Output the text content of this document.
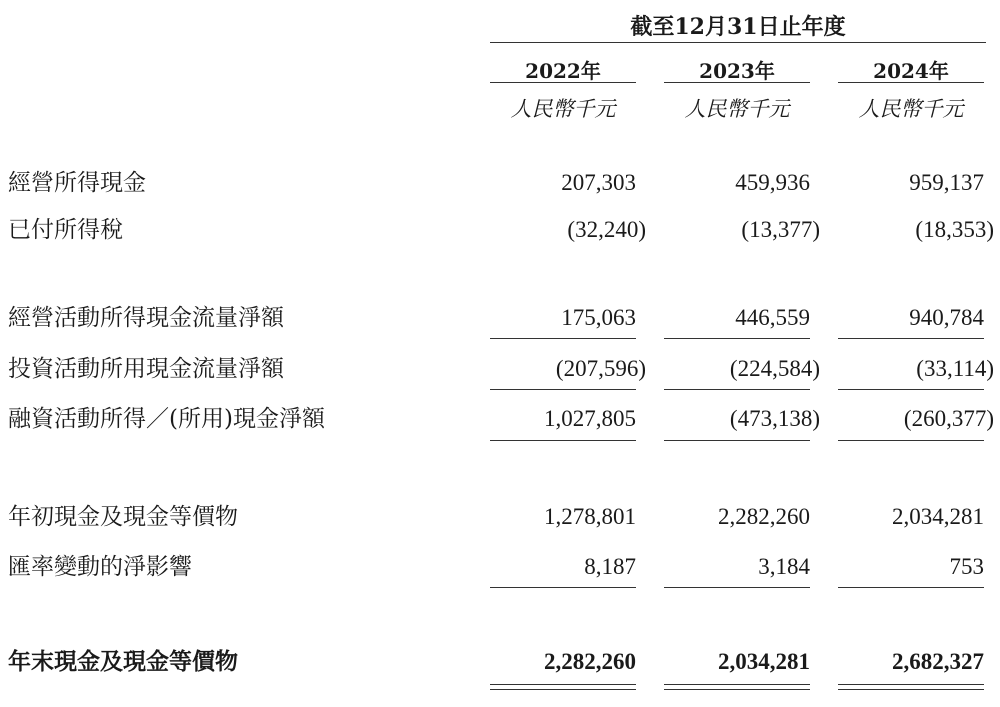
截至12月31日止年度
2022年	2023年	2024年
人民幣千元	人民幣千元	人民幣千元
經營所得現金	207,303	459,936	959,137
已付所得稅	(32,240)	(13,377)	(18,353)
經營活動所得現金流量淨額	175,063	446,559	940,784
投資活動所用現金流量淨額	(207,596)	(224,584)	(33,114)
融資活動所得／(所用)現金淨額	1,027,805	(473,138)	(260,377)
年初現金及現金等價物	1,278,801	2,282,260	2,034,281
匯率變動的淨影響	8,187	3,184	753
年末現金及現金等價物	2,282,260	2,034,281	2,682,327
